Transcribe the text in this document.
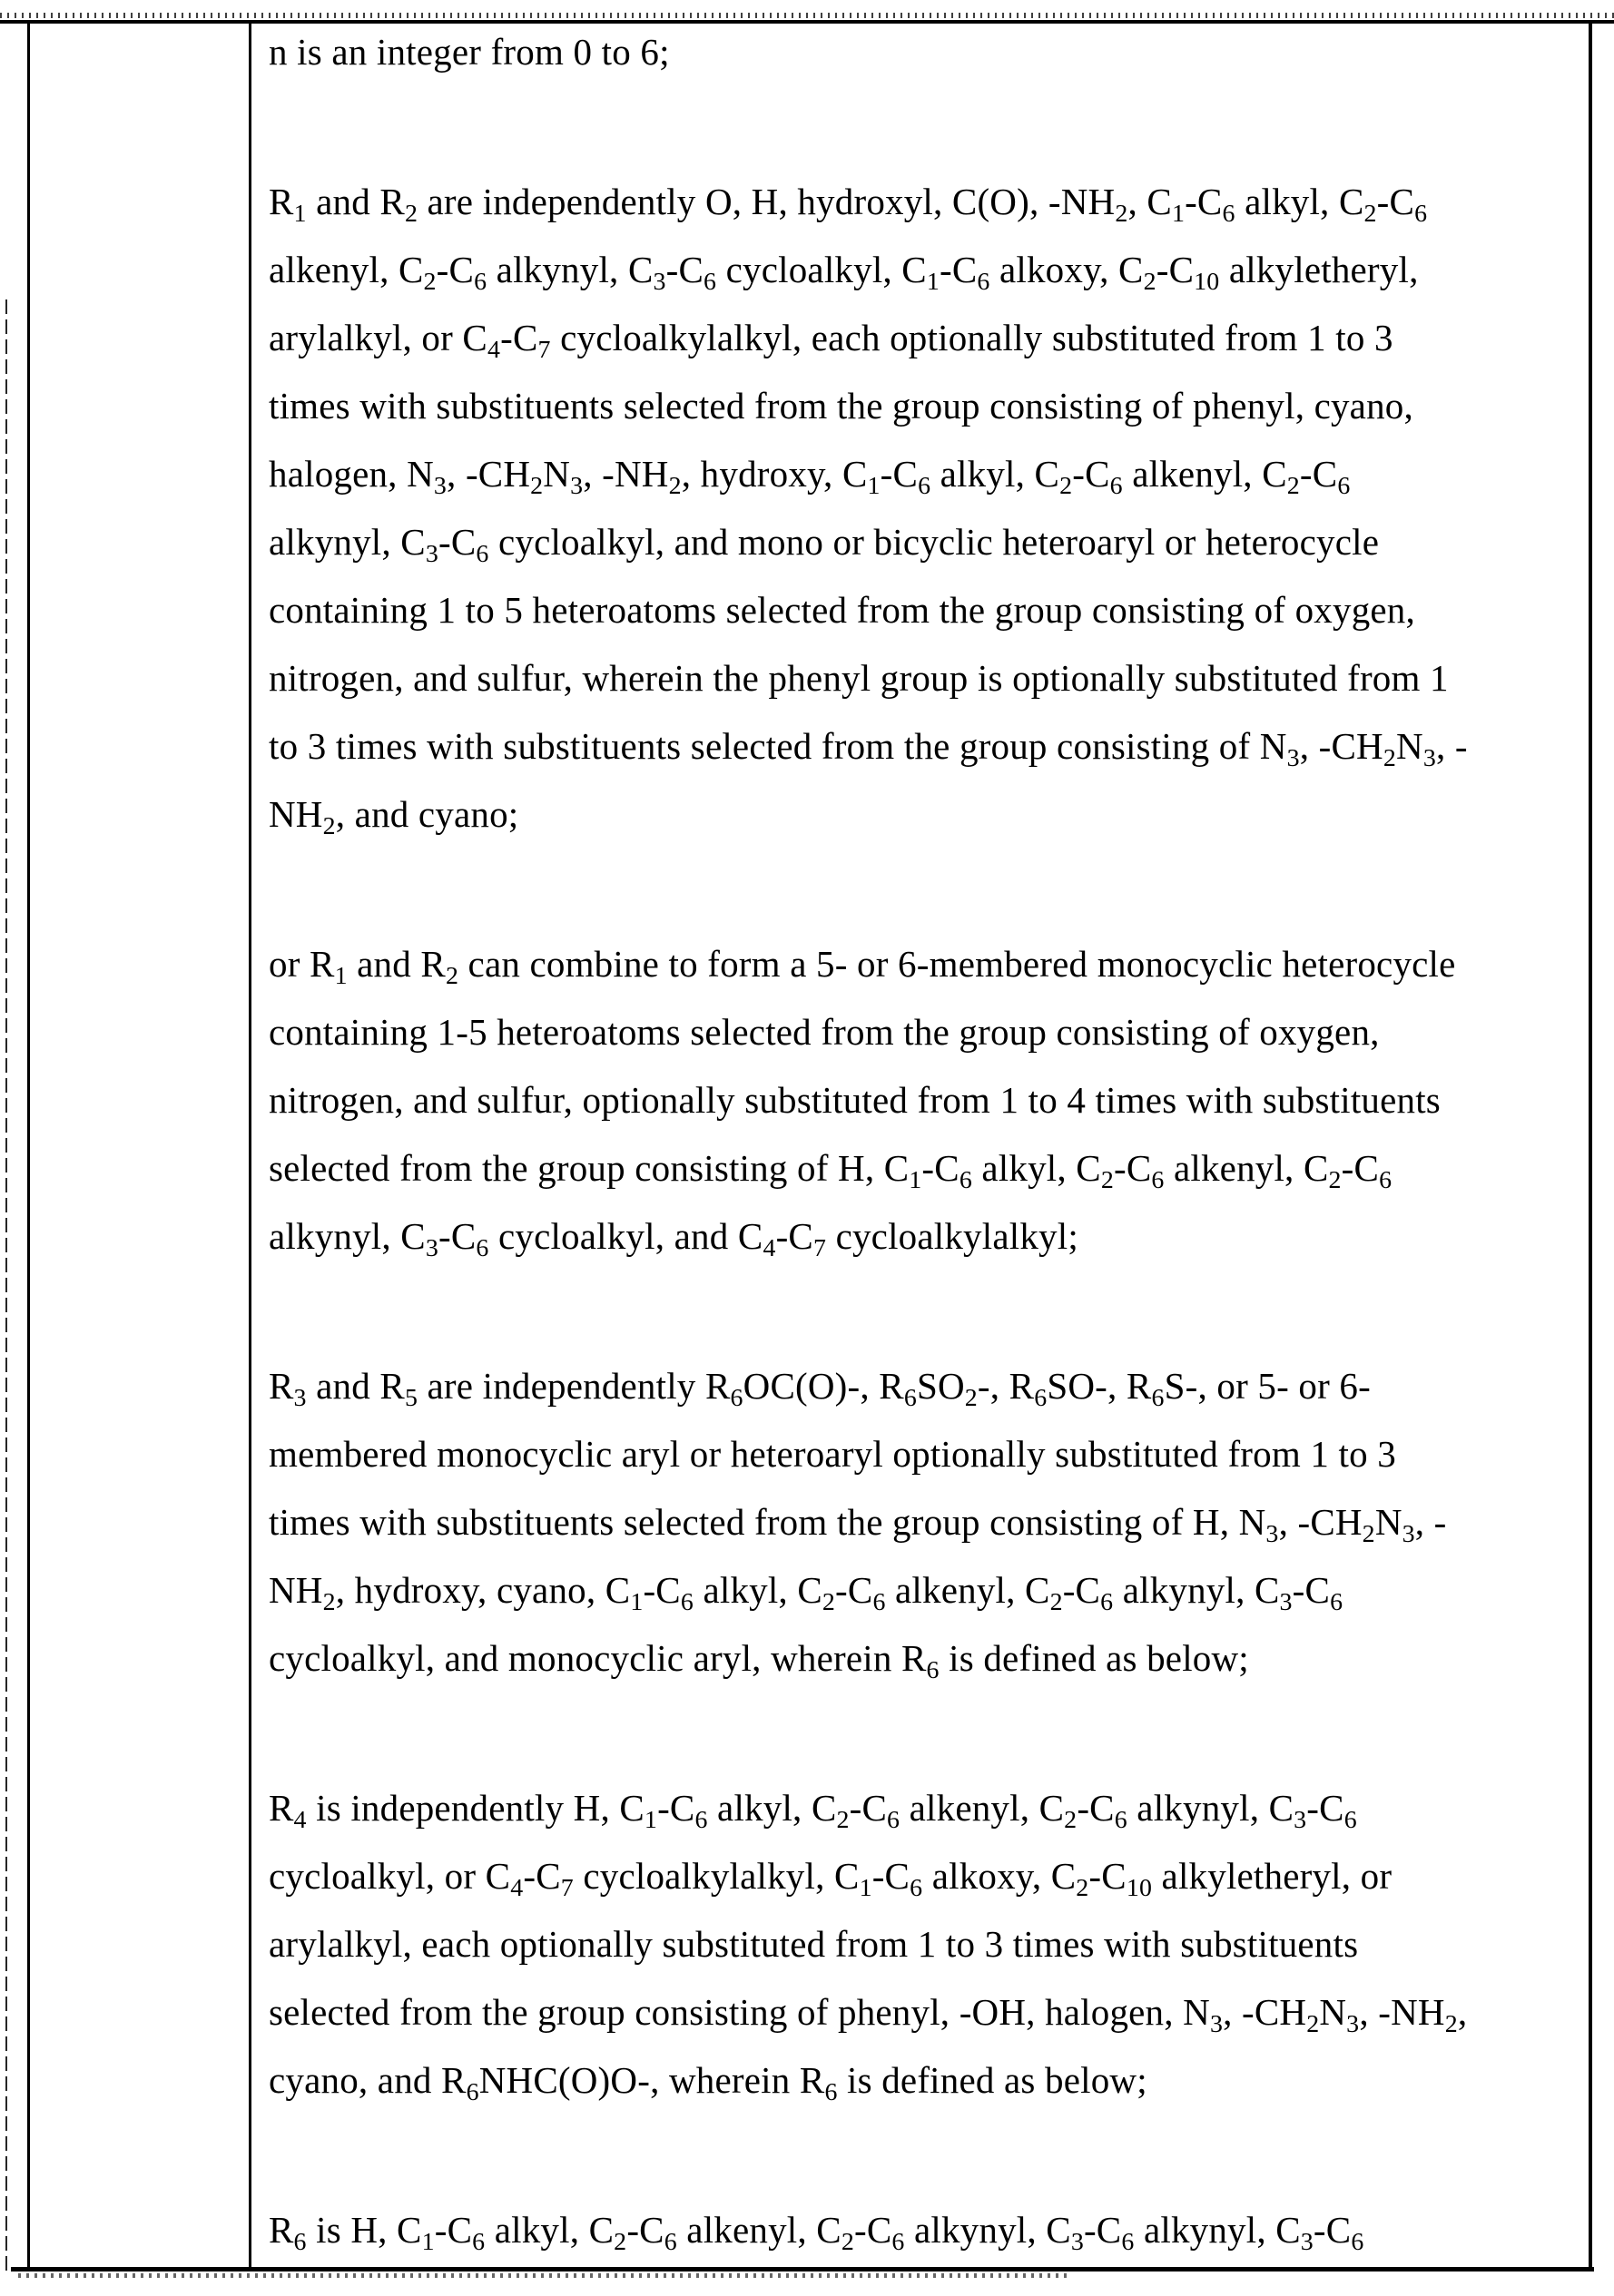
n is an integer from 0 to 6;
$R_1$ and $R_2$ are independently O, H, hydroxyl, C(O), $-NH_2$, $C_1-C_6$ alkyl, $C_2-C_6$
alkenyl, $C_2-C_6$ alkynyl, $C_3-C_6$ cycloalkyl, $C_1-C_6$ alkoxy, $C_2-C_{10}$ alkyletheryl,
arylalkyl, or $C_4-C_7$ cycloalkylalkyl, each optionally substituted from 1 to 3
times with substituents selected from the group consisting of phenyl, cyano,
halogen, $N_3$, $-CH_2N_3$, $-NH_2$, hydroxy, $C_1-C_6$ alkyl, $C_2-C_6$ alkenyl, $C_2-C_6$
alkynyl, $C_3-C_6$ cycloalkyl, and mono or bicyclic heteroaryl or heterocycle
containing 1 to 5 heteroatoms selected from the group consisting of oxygen,
nitrogen, and sulfur, wherein the phenyl group is optionally substituted from 1
to 3 times with substituents selected from the group consisting of $N_3$, $-CH_2N_3$, -
$NH_2$, and cyano;
or $R_1$ and $R_2$ can combine to form a 5- or 6-membered monocyclic heterocycle
containing 1-5 heteroatoms selected from the group consisting of oxygen,
nitrogen, and sulfur, optionally substituted from 1 to 4 times with substituents
selected from the group consisting of H, $C_1-C_6$ alkyl, $C_2-C_6$ alkenyl, $C_2-C_6$
alkynyl, $C_3-C_6$ cycloalkyl, and $C_4-C_7$ cycloalkylalkyl;
$R_3$ and $R_5$ are independently $R_6OC(O)-$, $R_6SO_2-$, $R_6SO-$, $R_6S-$, or 5- or 6-
membered monocyclic aryl or heteroaryl optionally substituted from 1 to 3
times with substituents selected from the group consisting of H, $N_3$, $-CH_2N_3$, -
$NH_2$, hydroxy, cyano, $C_1-C_6$ alkyl, $C_2-C_6$ alkenyl, $C_2-C_6$ alkynyl, $C_3-C_6$
cycloalkyl, and monocyclic aryl, wherein $R_6$ is defined as below;
$R_4$ is independently H, $C_1-C_6$ alkyl, $C_2-C_6$ alkenyl, $C_2-C_6$ alkynyl, $C_3-C_6$
cycloalkyl, or $C_4-C_7$ cycloalkylalkyl, $C_1-C_6$ alkoxy, $C_2-C_{10}$ alkyletheryl, or
arylalkyl, each optionally substituted from 1 to 3 times with substituents
selected from the group consisting of phenyl, -OH, halogen, $N_3$, $-CH_2N_3$, $-NH_2$,
cyano, and $R_6NHC(O)O-$, wherein $R_6$ is defined as below;
$R_6$ is H, $C_1-C_6$ alkyl, $C_2-C_6$ alkenyl, $C_2-C_6$ alkynyl, $C_3-C_6$ alkynyl, $C_3-C_6$
